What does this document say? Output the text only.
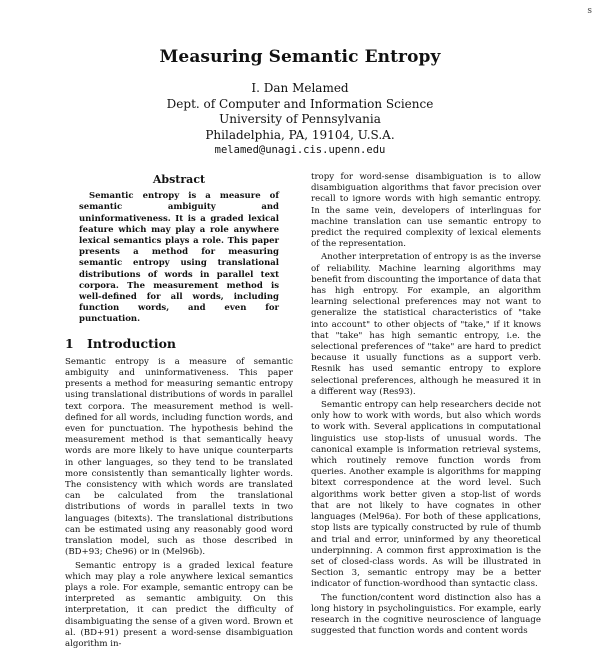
s
Measuring Semantic Entropy
I. Dan Melamed
Dept. of Computer and Information Science
University of Pennsylvania
Philadelphia, PA, 19104, U.S.A.
melamed@unagi.cis.upenn.edu
Abstract
Semantic entropy is a measure of semantic ambiguity and uninformativeness. It is a graded lexical feature which may play a role anywhere lexical semantics plays a role. This paper presents a method for measuring semantic entropy using translational distributions of words in parallel text corpora. The measurement method is well-defined for all words, including function words, and even for punctuation.
1 Introduction

Semantic entropy is a measure of semantic ambiguity and uninformativeness. This paper presents a method for measuring semantic entropy using translational distributions of words in parallel text corpora. The measurement method is well-defined for all words, including function words, and even for punctuation. The hypothesis behind the measurement method is that semantically heavy words are more likely to have unique counterparts in other languages, so they tend to be translated more consistently than semantically lighter words. The consistency with which words are translated can be calculated from the translational distributions of words in parallel texts in two languages (bitexts). The translational distributions can be estimated using any reasonably good word translation model, such as those described in (BD+93; Che96) or in (Mel96b).

Semantic entropy is a graded lexical feature which may play a role anywhere lexical semantics plays a role. For example, semantic entropy can be interpreted as semantic ambiguity. On this interpretation, it can predict the difficulty of disambiguating the sense of a given word. Brown et al. (BD+91) present a word-sense disambiguation algorithm in-

tropy for word-sense disambiguation is to allow disambiguation algorithms that favor precision over recall to ignore words with high semantic entropy. In the same vein, developers of interlinguas for machine translation can use semantic entropy to predict the required complexity of lexical elements of the representation.

Another interpretation of entropy is as the inverse of reliability. Machine learning algorithms may benefit from discounting the importance of data that has high entropy. For example, an algorithm learning selectional preferences may not want to generalize the statistical characteristics of "take into account" to other objects of "take," if it knows that "take" has high semantic entropy, i.e. the selectional preferences of "take" are hard to predict because it usually functions as a support verb. Resnik has used semantic entropy to explore selectional preferences, although he measured it in a different way (Res93).

Semantic entropy can help researchers decide not only how to work with words, but also which words to work with. Several applications in computational linguistics use stop-lists of unusual words. The canonical example is information retrieval systems, which routinely remove function words from queries. Another example is algorithms for mapping bitext correspondence at the word level. Such algorithms work better given a stop-list of words that are not likely to have cognates in other languages (Mel96a). For both of these applications, stop lists are typically constructed by rule of thumb and trial and error, uninformed by any theoretical underpinning. A common first approximation is the set of closed-class words. As will be illustrated in Section 3, semantic entropy may be a better indicator of function-wordhood than syntactic class.

The function/content word distinction also has a long history in psycholinguistics. For example, early research in the cognitive neuroscience of language suggested that function words and content words
